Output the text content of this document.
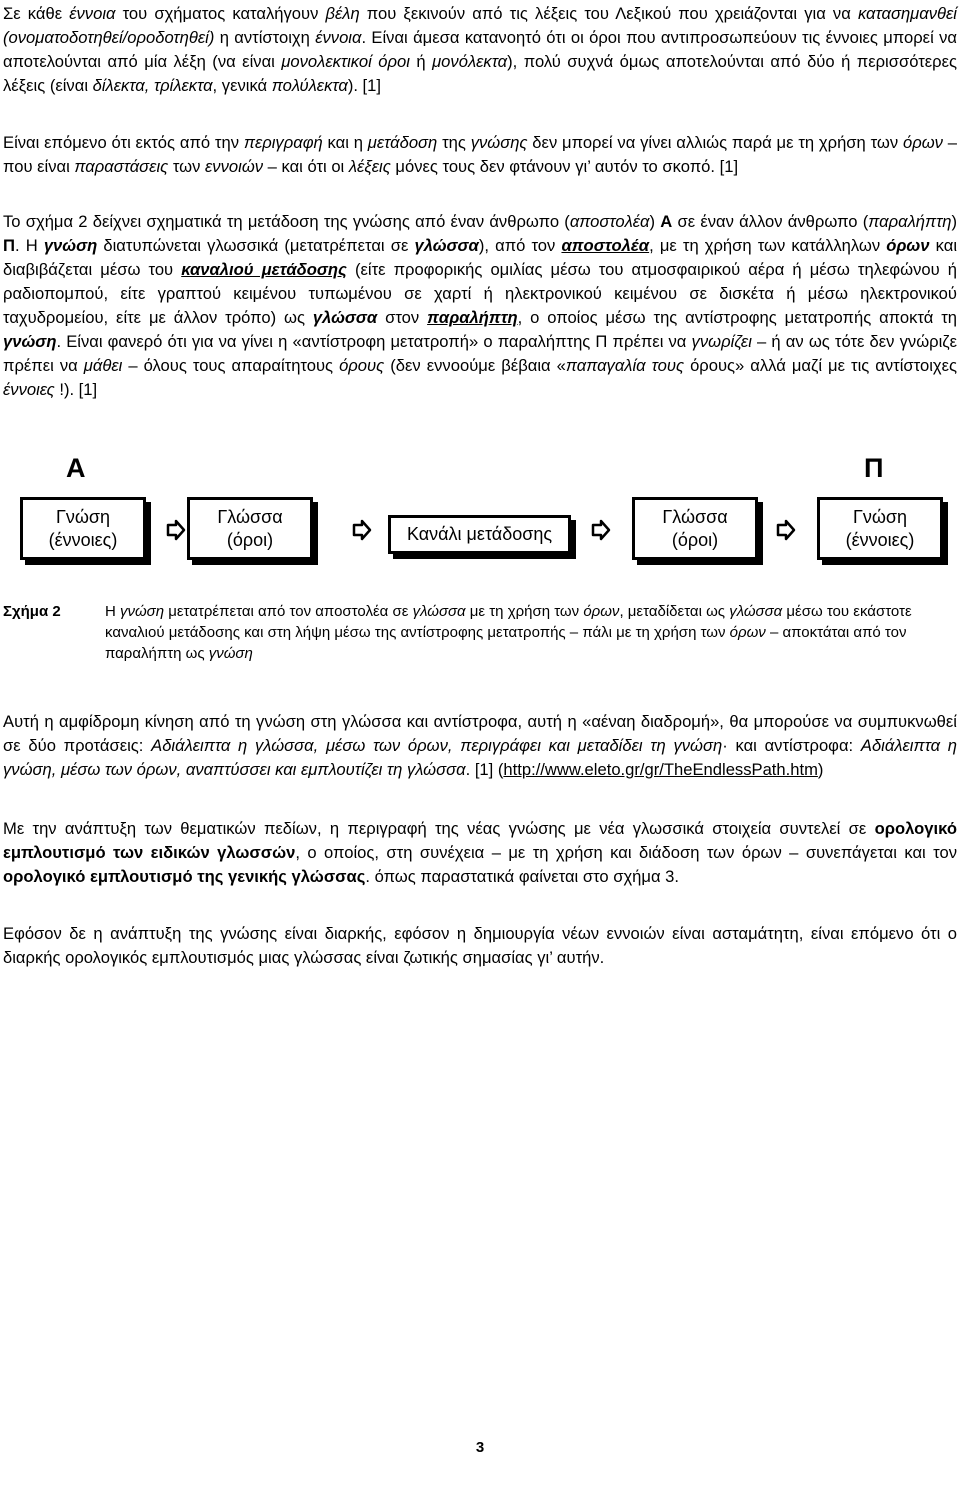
Σε κάθε έννοια του σχήματος καταλήγουν βέλη που ξεκινούν από τις λέξεις του Λεξικού που χρειάζονται για να κατασημανθεί (ονοματοδοτηθεί/οροδοτηθεί) η αντίστοιχη έννοια. Είναι άμεσα κατανοητό ότι οι όροι που αντιπροσωπεύουν τις έννοιες μπορεί να αποτελούνται από μία λέξη (να είναι μονολεκτικοί όροι ή μονόλεκτα), πολύ συχνά όμως αποτελούνται από δύο ή περισσότερες λέξεις (είναι δίλεκτα, τρίλεκτα, γενικά πολύλεκτα). [1]

Είναι επόμενο ότι εκτός από την περιγραφή και η μετάδοση της γνώσης δεν μπορεί να γίνει αλλιώς παρά με τη χρήση των όρων – που είναι παραστάσεις των εννοιών – και ότι οι λέξεις μόνες τους δεν φτάνουν γι’ αυτόν το σκοπό. [1]

Το σχήμα 2 δείχνει σχηματικά τη μετάδοση της γνώσης από έναν άνθρωπο (αποστολέα) Α σε έναν άλλον άνθρωπο (παραλήπτη) Π. Η γνώση διατυπώνεται γλωσσικά (μετατρέπεται σε γλώσσα), από τον αποστολέα, με τη χρήση των κατάλληλων όρων και διαβιβάζεται μέσω του καναλιού μετάδοσης (είτε προφορικής ομιλίας μέσω του ατμοσφαιρικού αέρα ή μέσω τηλεφώνου ή ραδιοπομπού, είτε γραπτού κειμένου τυπωμένου σε χαρτί ή ηλεκτρονικού κειμένου σε δισκέτα ή μέσω ηλεκτρονικού ταχυδρομείου, είτε με άλλον τρόπο) ως γλώσσα στον παραλήπτη, ο οποίος μέσω της αντίστροφης μετατροπής αποκτά τη γνώση. Είναι φανερό ότι για να γίνει η «αντίστροφη μετατροπή» ο παραλήπτης Π πρέπει να γνωρίζει – ή αν ως τότε δεν γνώριζε πρέπει να μάθει – όλους τους απαραίτητους όρους (δεν εννοούμε βέβαια «παπαγαλία τους όρους» αλλά μαζί με τις αντίστοιχες έννοιες !). [1]

Α	Π
Γνώση
(έννοιες)
Γλώσσα
(όροι)	Κανάλι μετάδοσης
Γλώσσα
(όροι)
Γνώση
(έννοιες)
Σχήμα 2	Η γνώση μετατρέπεται από τον αποστολέα σε γλώσσα με τη χρήση των όρων, μεταδίδεται ως γλώσσα μέσω του εκάστοτε καναλιού μετάδοσης και στη λήψη μέσω της αντίστροφης μετατροπής – πάλι με τη χρήση των όρων – αποκτάται από τον παραλήπτη ως γνώση

Αυτή η αμφίδρομη κίνηση από τη γνώση στη γλώσσα και αντίστροφα, αυτή η «αέναη διαδρομή», θα μπορούσε να συμπυκνωθεί σε δύο προτάσεις: Αδιάλειπτα η γλώσσα, μέσω των όρων, περιγράφει και μεταδίδει τη γνώση· και αντίστροφα: Αδιάλειπτα η γνώση, μέσω των όρων, αναπτύσσει και εμπλουτίζει τη γλώσσα. [1] (http://www.eleto.gr/gr/TheEndlessPath.htm)

Με την ανάπτυξη των θεματικών πεδίων, η περιγραφή της νέας γνώσης με νέα γλωσσικά στοιχεία συντελεί σε ορολογικό εμπλουτισμό των ειδικών γλωσσών, ο οποίος, στη συνέχεια – με τη χρήση και διάδοση των όρων – συνεπάγεται και τον ορολογικό εμπλουτισμό της γενικής γλώσσας. όπως παραστατικά φαίνεται στο σχήμα 3.

Εφόσον δε η ανάπτυξη της γνώσης είναι διαρκής, εφόσον η δημιουργία νέων εννοιών είναι ασταμάτητη, είναι επόμενο ότι ο διαρκής ορολογικός εμπλουτισμός μιας γλώσσας είναι ζωτικής σημασίας γι’ αυτήν.

3
